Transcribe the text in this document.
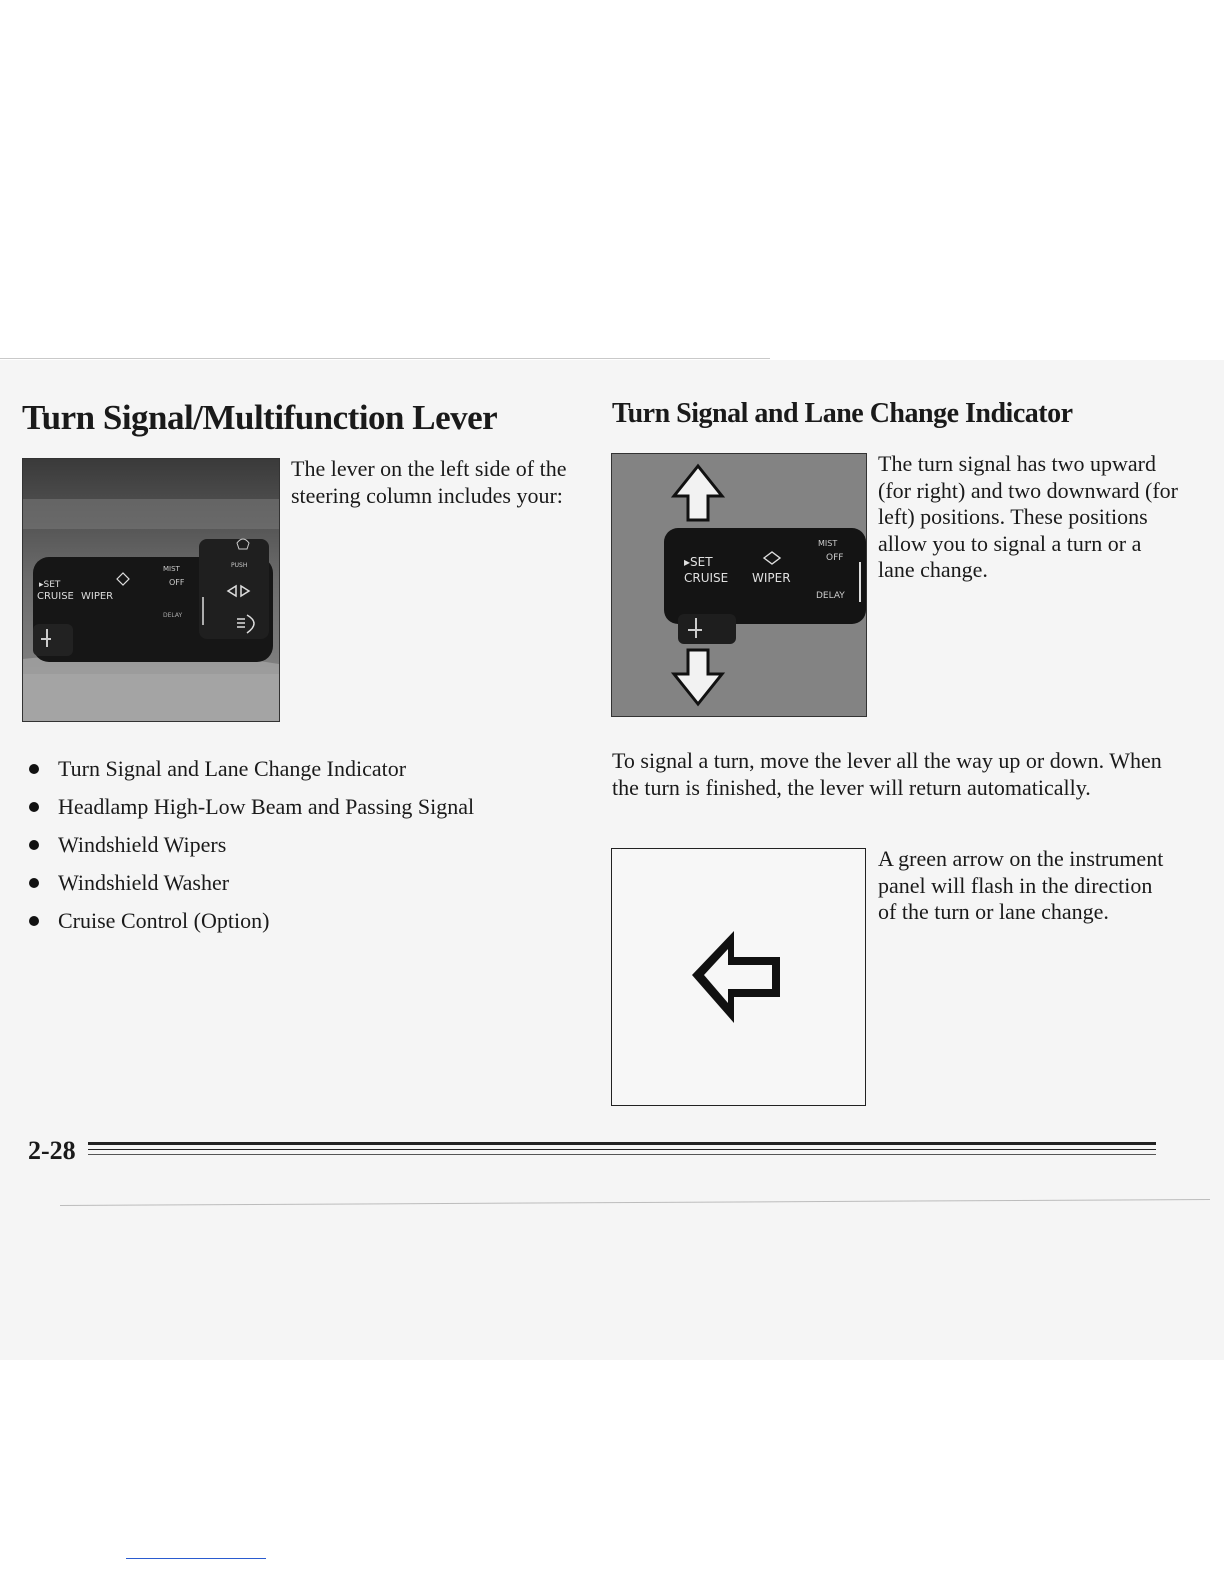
Turn Signal/Multifunction Lever	Turn Signal and Lane Change Indicator
▸SET
CRUISE WIPER
MIST
OFF
PUSH
DELAY

The lever on the left side of the steering column includes your:

Turn Signal and Lane Change Indicator
Headlamp High-Low Beam and Passing Signal
Windshield Wipers
Windshield Washer
Cruise Control (Option)
▸SET
CRUISE WIPER
MIST
OFF
DELAY

The turn signal has two upward (for right) and two downward (for left) positions. These positions allow you to signal a turn or a lane change.

To signal a turn, move the lever all the way up or down. When the turn is finished, the lever will return automatically.

A green arrow on the instrument panel will flash in the direction of the turn or lane change.

2-28
